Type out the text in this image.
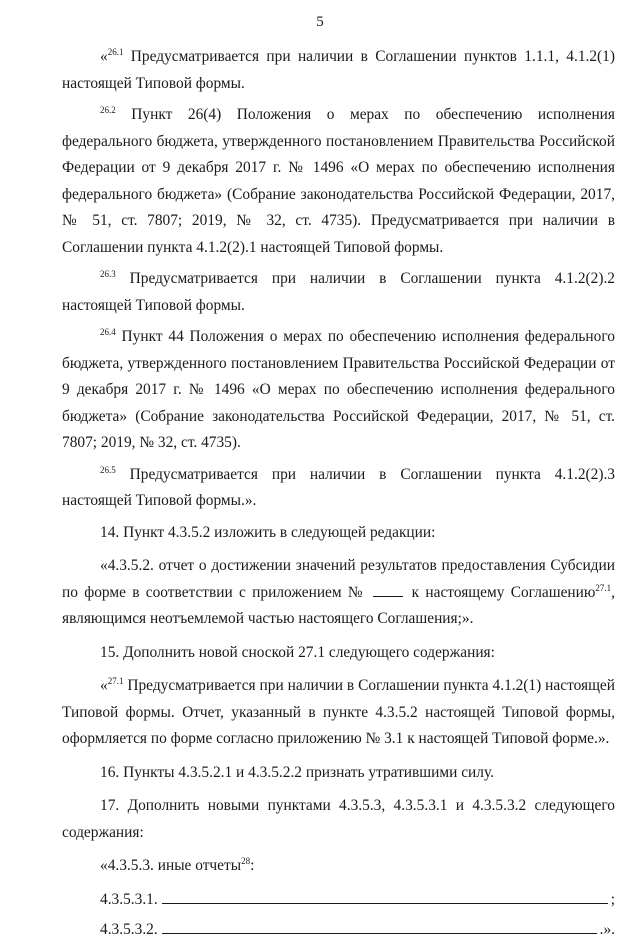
5

«$^{26.1}$ Предусматривается при наличии в Соглашении пунктов 1.1.1, 4.1.2(1) настоящей Типовой формы.

$^{26.2}$ Пункт 26(4) Положения о мерах по обеспечению исполнения федерального бюджета, утвержденного постановлением Правительства Российской Федерации от 9 декабря 2017 г. № 1496 «О мерах по обеспечению исполнения федерального бюджета» (Собрание законодательства Российской Федерации, 2017, № 51, ст. 7807; 2019, № 32, ст. 4735). Предусматривается при наличии в Соглашении пункта 4.1.2(2).1 настоящей Типовой формы.

$^{26.3}$ Предусматривается при наличии в Соглашении пункта 4.1.2(2).2 настоящей Типовой формы.

$^{26.4}$ Пункт 44 Положения о мерах по обеспечению исполнения федерального бюджета, утвержденного постановлением Правительства Российской Федерации от 9 декабря 2017 г. № 1496 «О мерах по обеспечению исполнения федерального бюджета» (Собрание законодательства Российской Федерации, 2017, № 51, ст. 7807; 2019, № 32, ст. 4735).

$^{26.5}$ Предусматривается при наличии в Соглашении пункта 4.1.2(2).3 настоящей Типовой формы.».

14. Пункт 4.3.5.2 изложить в следующей редакции:

«4.3.5.2. отчет о достижении значений результатов предоставления Субсидии по форме в соответствии с приложением №	к настоящему Соглашению$^{27.1}$, являющимся неотъемлемой частью настоящего Соглашения;».

15. Дополнить новой сноской 27.1 следующего содержания:

«$^{27.1}$ Предусматривается при наличии в Соглашении пункта 4.1.2(1) настоящей Типовой формы. Отчет, указанный в пункте 4.3.5.2 настоящей Типовой формы, оформляется по форме согласно приложению № 3.1 к настоящей Типовой форме.».

16. Пункты 4.3.5.2.1 и 4.3.5.2.2 признать утратившими силу.

17. Дополнить новыми пунктами 4.3.5.3, 4.3.5.3.1 и 4.3.5.3.2 следующего содержания:

«4.3.5.3. иные отчеты$^{28}$:

4.3.5.3.1.	;
4.3.5.3.2.	.».
